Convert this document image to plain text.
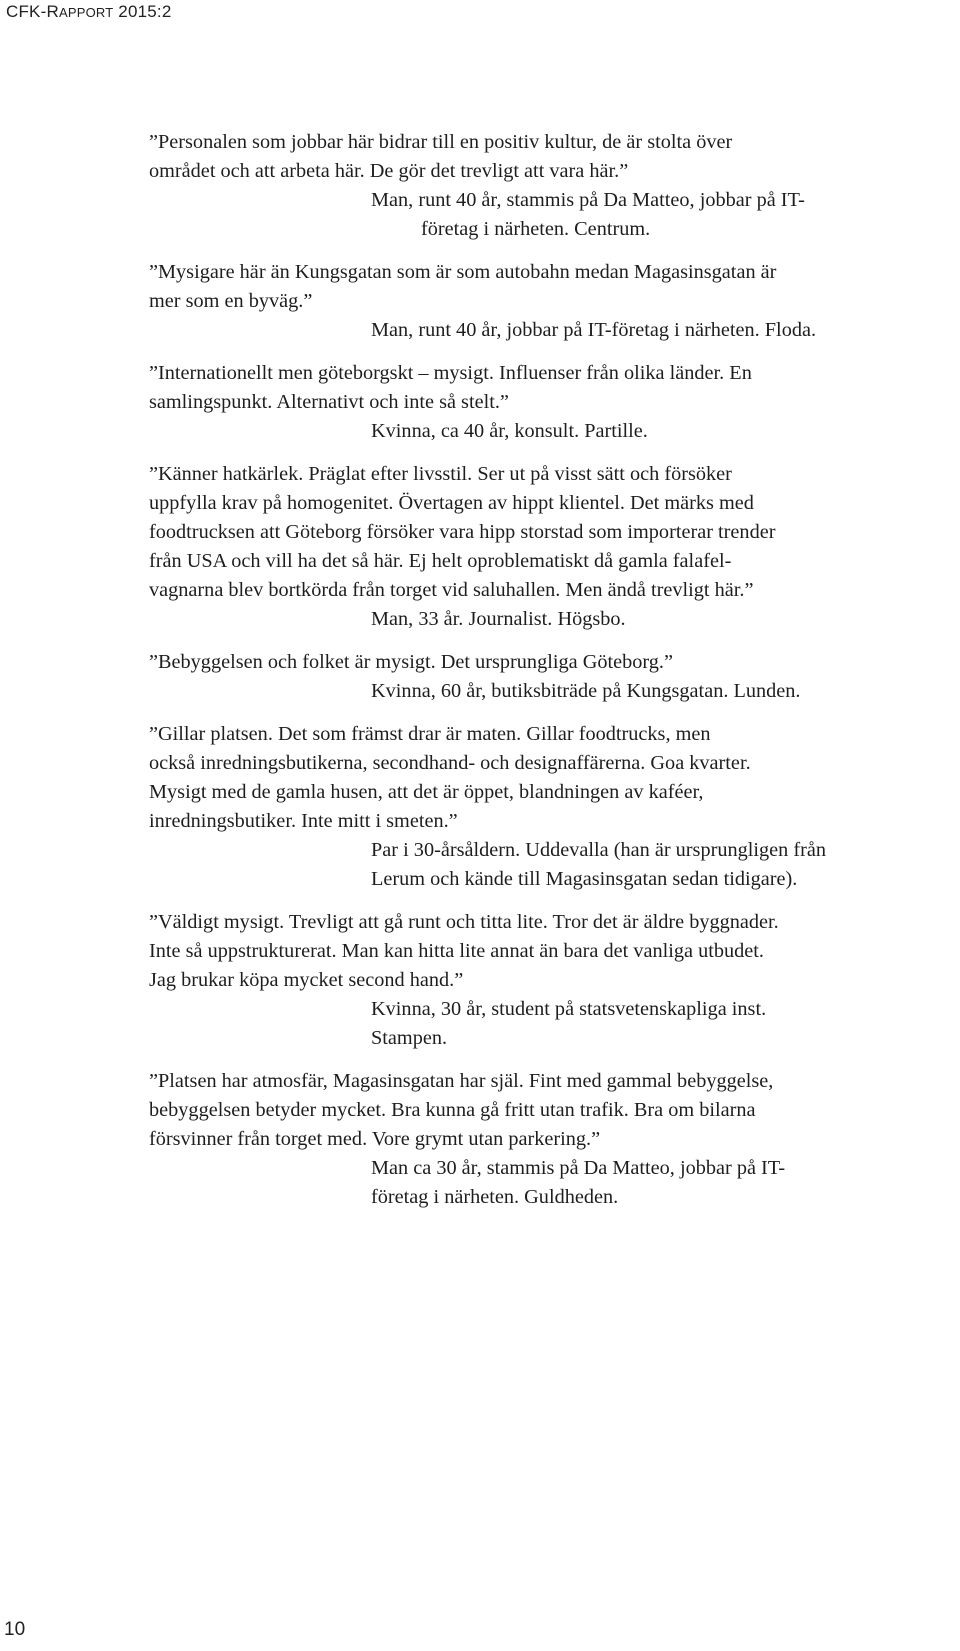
CFK-RAPPORT 2015:2
”Personalen som jobbar här bidrar till en positiv kultur, de är stolta över
området och att arbeta här. De gör det trevligt att vara här.”
Man, runt 40 år, stammis på Da Matteo, jobbar på IT-
företag i närheten. Centrum.
”Mysigare här än Kungsgatan som är som autobahn medan Magasinsgatan är
mer som en byväg.”
Man, runt 40 år, jobbar på IT-företag i närheten. Floda.
”Internationellt men göteborgskt – mysigt. Influenser från olika länder. En
samlingspunkt. Alternativt och inte så stelt.”
Kvinna, ca 40 år, konsult. Partille.
”Känner hatkärlek. Präglat efter livsstil. Ser ut på visst sätt och försöker
uppfylla krav på homogenitet. Övertagen av hippt klientel. Det märks med
foodtrucksen att Göteborg försöker vara hipp storstad som importerar trender
från USA och vill ha det så här. Ej helt oproblematiskt då gamla falafel-
vagnarna blev bortkörda från torget vid saluhallen. Men ändå trevligt här.”
Man, 33 år. Journalist. Högsbo.
”Bebyggelsen och folket är mysigt. Det ursprungliga Göteborg.”
Kvinna, 60 år, butiksbiträde på Kungsgatan. Lunden.
”Gillar platsen. Det som främst drar är maten. Gillar foodtrucks, men
också inredningsbutikerna, secondhand- och designaffärerna. Goa kvarter.
Mysigt med de gamla husen, att det är öppet, blandningen av kaféer,
inredningsbutiker. Inte mitt i smeten.”
Par i 30-årsåldern. Uddevalla (han är ursprungligen från
Lerum och kände till Magasinsgatan sedan tidigare).
”Väldigt mysigt. Trevligt att gå runt och titta lite. Tror det är äldre byggnader.
Inte så uppstrukturerat. Man kan hitta lite annat än bara det vanliga utbudet.
Jag brukar köpa mycket second hand.”
Kvinna, 30 år, student på statsvetenskapliga inst.
Stampen.
”Platsen har atmosfär, Magasinsgatan har själ. Fint med gammal bebyggelse,
bebyggelsen betyder mycket. Bra kunna gå fritt utan trafik. Bra om bilarna
försvinner från torget med. Vore grymt utan parkering.”
Man ca 30 år, stammis på Da Matteo, jobbar på IT-
företag i närheten. Guldheden.
10
